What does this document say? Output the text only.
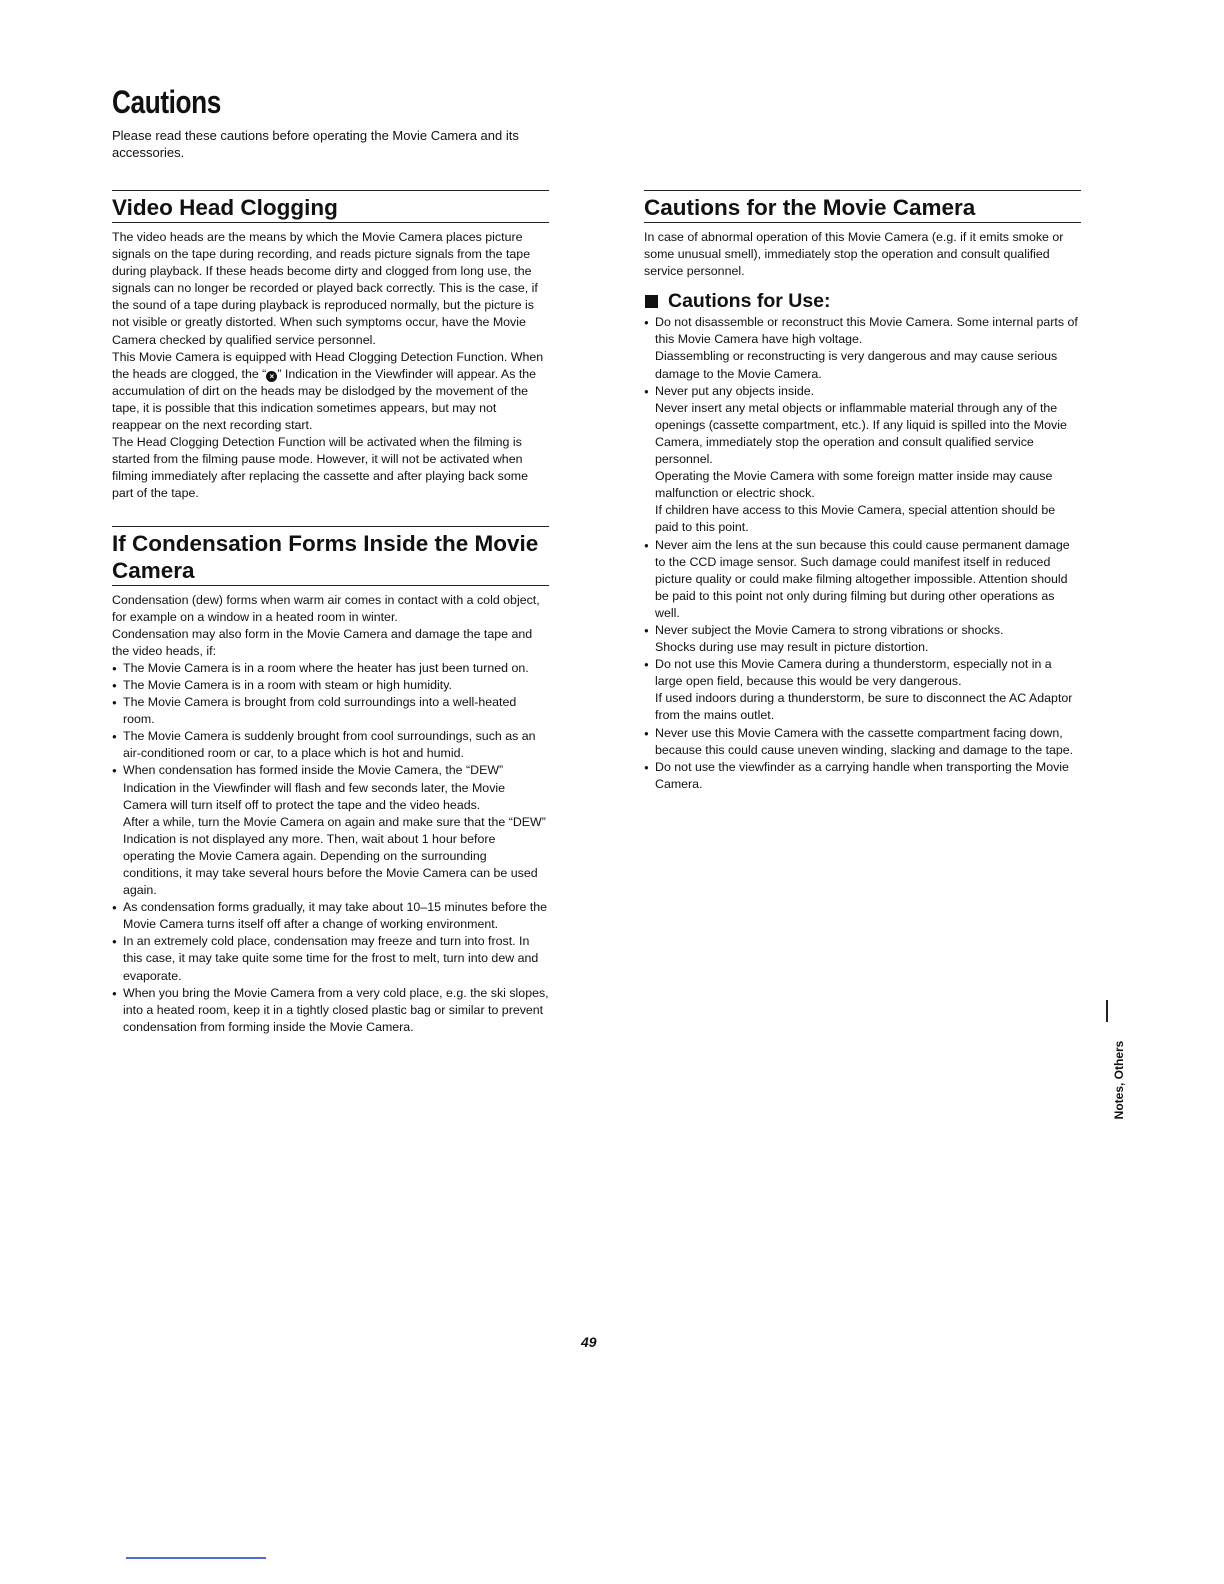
Cautions

Please read these cautions before operating the Movie Camera and its accessories.

Video Head Clogging

The video heads are the means by which the Movie Camera places picture signals on the tape during recording, and reads picture signals from the tape during playback. If these heads become dirty and clogged from long use, the signals can no longer be recorded or played back correctly. This is the case, if the sound of a tape during playback is reproduced normally, but the picture is not visible or greatly distorted. When such symptoms occur, have the Movie Camera checked by qualified service personnel.

This Movie Camera is equipped with Head Clogging Detection Function. When the heads are clogged, the “ × ” Indication in the Viewfinder will appear. As the accumulation of dirt on the heads may be dislodged by the movement of the tape, it is possible that this indication sometimes appears, but may not reappear on the next recording start.

The Head Clogging Detection Function will be activated when the filming is started from the filming pause mode. However, it will not be activated when filming immediately after replacing the cassette and after playing back some part of the tape.

If Condensation Forms Inside the Movie Camera

Condensation (dew) forms when warm air comes in contact with a cold object, for example on a window in a heated room in winter.

Condensation may also form in the Movie Camera and damage the tape and the video heads, if:

● The Movie Camera is in a room where the heater has just been turned on.
● The Movie Camera is in a room with steam or high humidity.
● The Movie Camera is brought from cold surroundings into a well-heated room.
● The Movie Camera is suddenly brought from cool surroundings, such as an air-conditioned room or car, to a place which is hot and humid.

● When condensation has formed inside the Movie Camera, the “DEW” Indication in the Viewfinder will flash and few seconds later, the Movie Camera will turn itself off to protect the tape and the video heads.

After a while, turn the Movie Camera on again and make sure that the “DEW” Indication is not displayed any more. Then, wait about 1 hour before operating the Movie Camera again. Depending on the surrounding conditions, it may take several hours before the Movie Camera can be used again.

● As condensation forms gradually, it may take about 10–15 minutes before the Movie Camera turns itself off after a change of working environment.
● In an extremely cold place, condensation may freeze and turn into frost. In this case, it may take quite some time for the frost to melt, turn into dew and evaporate.
● When you bring the Movie Camera from a very cold place, e.g. the ski slopes, into a heated room, keep it in a tightly closed plastic bag or similar to prevent condensation from forming inside the Movie Camera.
Cautions for the Movie Camera

In case of abnormal operation of this Movie Camera (e.g. if it emits smoke or some unusual smell), immediately stop the operation and consult qualified service personnel.

Cautions for Use:

● Do not disassemble or reconstruct this Movie Camera. Some internal parts of this Movie Camera have high voltage.

Diassembling or reconstructing is very dangerous and may cause serious damage to the Movie Camera.

● Never put any objects inside.

Never insert any metal objects or inflammable material through any of the openings (cassette compartment, etc.). If any liquid is spilled into the Movie Camera, immediately stop the operation and consult qualified service personnel.

Operating the Movie Camera with some foreign matter inside may cause malfunction or electric shock.

If children have access to this Movie Camera, special attention should be paid to this point.

● Never aim the lens at the sun because this could cause permanent damage to the CCD image sensor. Such damage could manifest itself in reduced picture quality or could make filming altogether impossible. Attention should be paid to this point not only during filming but during other operations as well.

● Never subject the Movie Camera to strong vibrations or shocks.

Shocks during use may result in picture distortion.

● Do not use this Movie Camera during a thunderstorm, especially not in a large open field, because this would be very dangerous.

If used indoors during a thunderstorm, be sure to disconnect the AC Adaptor from the mains outlet.

● Never use this Movie Camera with the cassette compartment facing down, because this could cause uneven winding, slacking and damage to the tape.
● Do not use the viewfinder as a carrying handle when transporting the Movie Camera.
Notes, Others
49
